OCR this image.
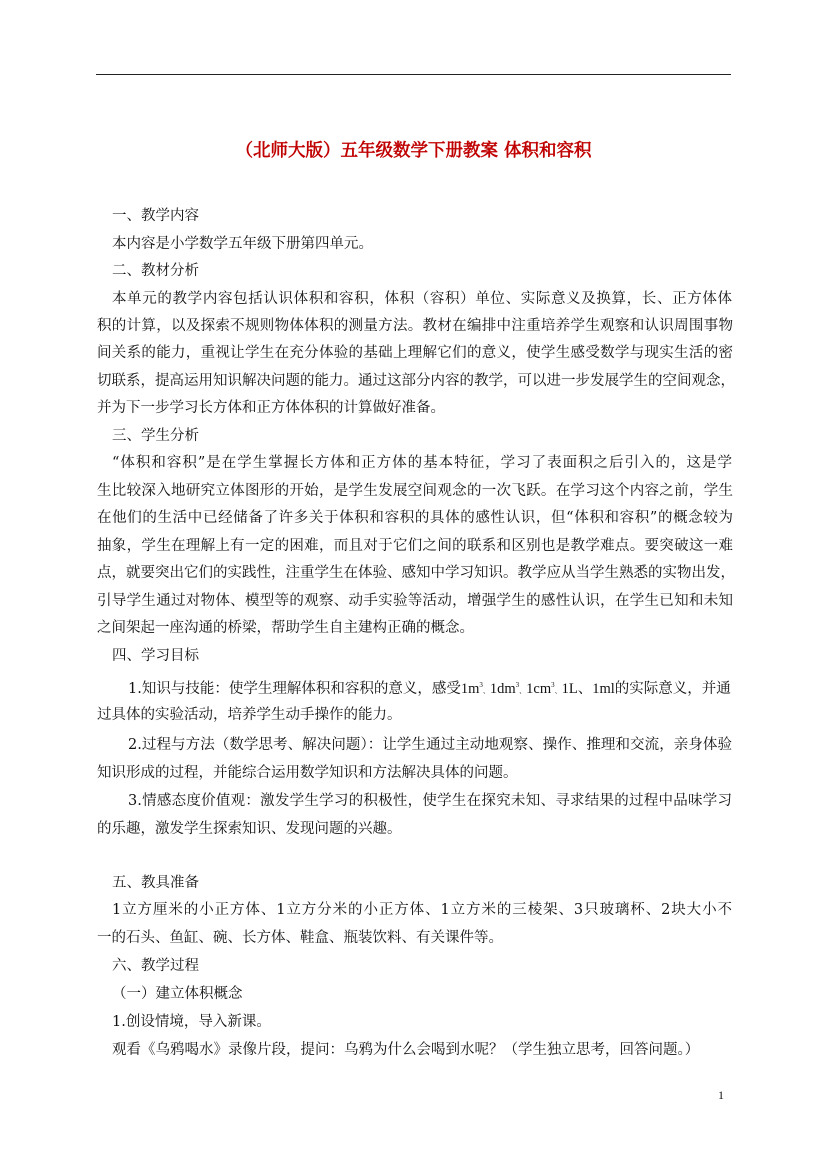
（北师大版）五年级数学下册教案 体积和容积
一、教学内容
本内容是小学数学五年级下册第四单元。
二、教材分析
本单元的教学内容包括认识体积和容积，体积（容积）单位、实际意义及换算，长、正方体体
积的计算，以及探索不规则物体体积的测量方法。教材在编排中注重培养学生观察和认识周围事物
间关系的能力，重视让学生在充分体验的基础上理解它们的意义，使学生感受数学与现实生活的密
切联系，提高运用知识解决问题的能力。通过这部分内容的教学，可以进一步发展学生的空间观念，
并为下一步学习长方体和正方体体积的计算做好准备。
三、学生分析
“体积和容积”是在学生掌握长方体和正方体的基本特征，学习了表面积之后引入的，这是学
生比较深入地研究立体图形的开始，是学生发展空间观念的一次飞跃。在学习这个内容之前，学生
在他们的生活中已经储备了许多关于体积和容积的具体的感性认识，但“体积和容积”的概念较为
抽象，学生在理解上有一定的困难，而且对于它们之间的联系和区别也是教学难点。要突破这一难
点，就要突出它们的实践性，注重学生在体验、感知中学习知识。教学应从当学生熟悉的实物出发，
引导学生通过对物体、模型等的观察、动手实验等活动，增强学生的感性认识，在学生已知和未知
之间架起一座沟通的桥梁，帮助学生自主建构正确的概念。
四、学习目标
1.知识与技能：使学生理解体积和容积的意义，感受$1m^3$、$1dm^3$、$1cm^3$、1L、1ml的实际意义，并通
过具体的实验活动，培养学生动手操作的能力。
2.过程与方法（数学思考、解决问题）：让学生通过主动地观察、操作、推理和交流，亲身体验
知识形成的过程，并能综合运用数学知识和方法解决具体的问题。
3.情感态度价值观：激发学生学习的积极性，使学生在探究未知、寻求结果的过程中品味学习
的乐趣，激发学生探索知识、发现问题的兴趣。
五、教具准备
1立方厘米的小正方体、1立方分米的小正方体、1立方米的三棱架、3只玻璃杯、2块大小不
一的石头、鱼缸、碗、长方体、鞋盒、瓶装饮料、有关课件等。
六、教学过程
（一）建立体积概念
1.创设情境，导入新课。
观看《乌鸦喝水》录像片段，提问：乌鸦为什么会喝到水呢？（学生独立思考，回答问题。）
1
